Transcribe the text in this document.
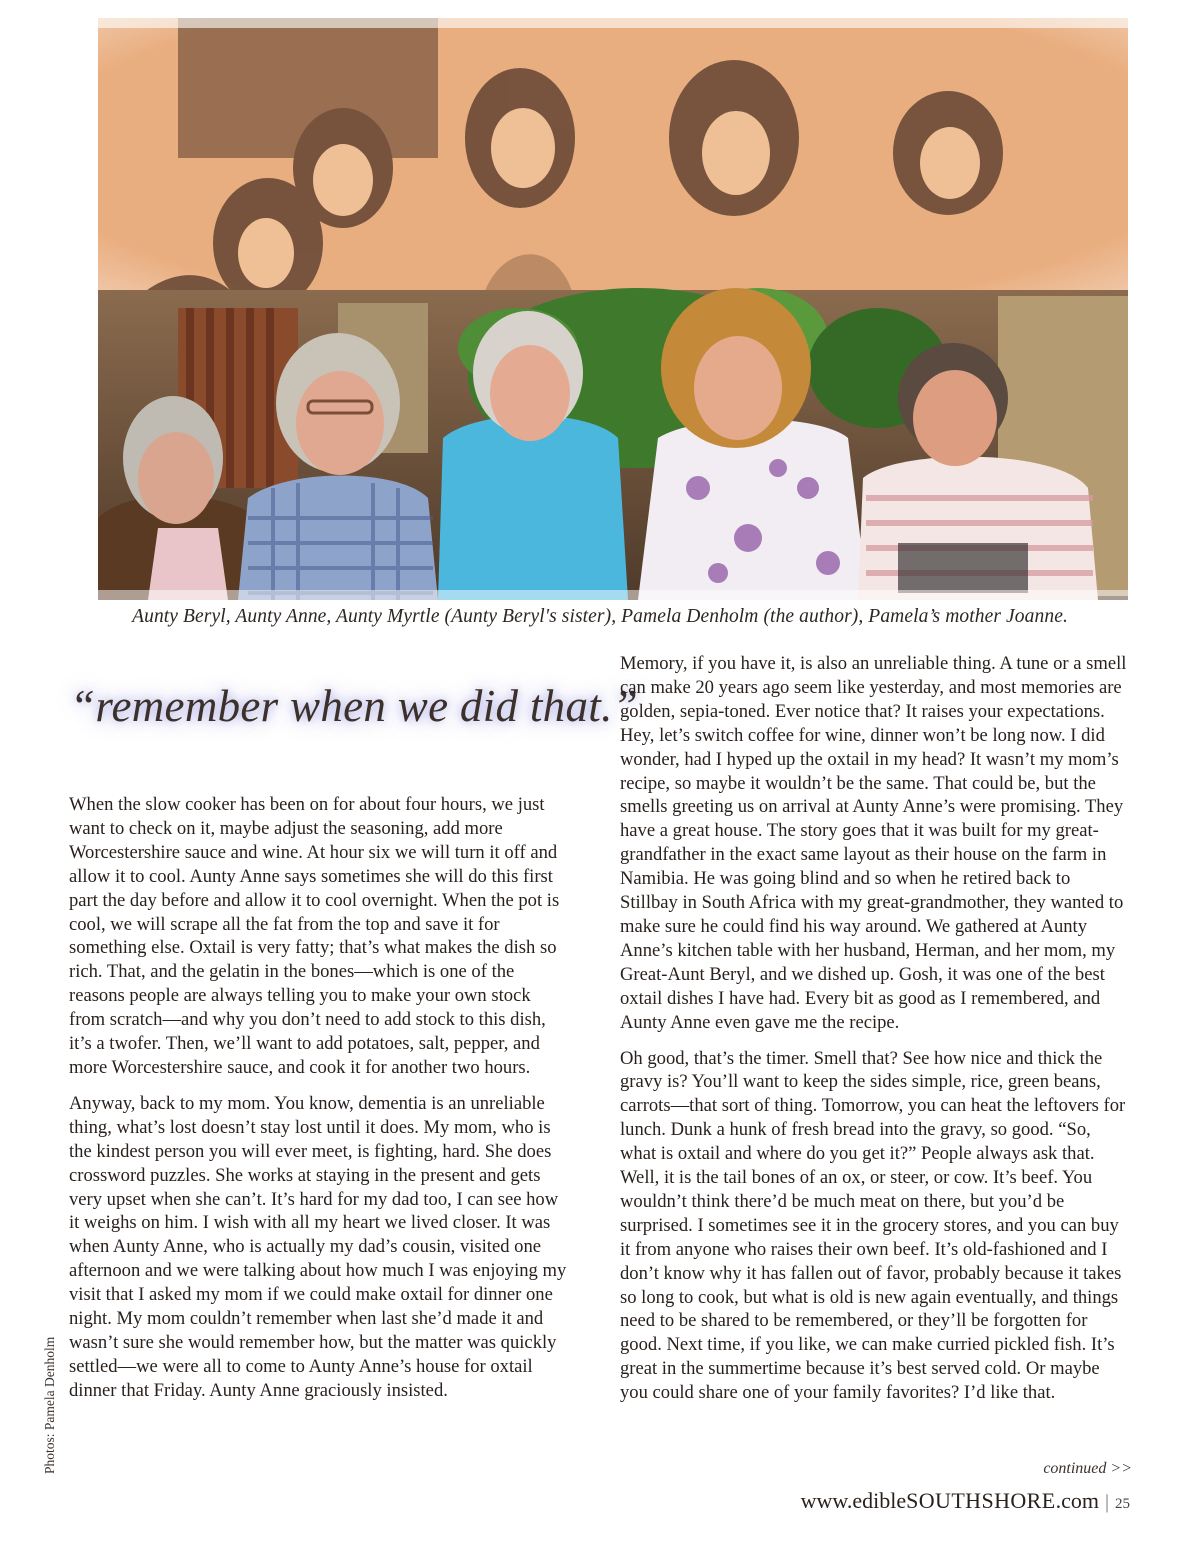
Aunty Beryl, Aunty Anne, Aunty Myrtle (Aunty Beryl's sister), Pamela Denholm (the author), Pamela’s mother Joanne.
“remember when we did that.”

When the slow cooker has been on for about four hours, we just want to check on it, maybe adjust the seasoning, add more Worcestershire sauce and wine. At hour six we will turn it off and allow it to cool. Aunty Anne says sometimes she will do this first part the day before and allow it to cool overnight. When the pot is cool, we will scrape all the fat from the top and save it for something else. Oxtail is very fatty; that’s what makes the dish so rich. That, and the gelatin in the bones—which is one of the reasons people are always telling you to make your own stock from scratch—and why you don’t need to add stock to this dish, it’s a twofer. Then, we’ll want to add potatoes, salt, pepper, and more Worcestershire sauce, and cook it for another two hours.

Anyway, back to my mom. You know, dementia is an unreliable thing, what’s lost doesn’t stay lost until it does. My mom, who is the kindest person you will ever meet, is fighting, hard. She does crossword puzzles. She works at staying in the present and gets very upset when she can’t. It’s hard for my dad too, I can see how it weighs on him. I wish with all my heart we lived closer. It was when Aunty Anne, who is actually my dad’s cousin, visited one afternoon and we were talking about how much I was enjoying my visit that I asked my mom if we could make oxtail for dinner one night. My mom couldn’t remember when last she’d made it and wasn’t sure she would remember how, but the matter was quickly settled—we were all to come to Aunty Anne’s house for oxtail dinner that Friday. Aunty Anne graciously insisted.

Memory, if you have it, is also an unreliable thing. A tune or a smell can make 20 years ago seem like yesterday, and most memories are golden, sepia-toned. Ever notice that? It raises your expectations. Hey, let’s switch coffee for wine, dinner won’t be long now. I did wonder, had I hyped up the oxtail in my head? It wasn’t my mom’s recipe, so maybe it wouldn’t be the same. That could be, but the smells greeting us on arrival at Aunty Anne’s were promising. They have a great house. The story goes that it was built for my great-grandfather in the exact same layout as their house on the farm in Namibia. He was going blind and so when he retired back to Stillbay in South Africa with my great-grandmother, they wanted to make sure he could find his way around. We gathered at Aunty Anne’s kitchen table with her husband, Herman, and her mom, my Great-Aunt Beryl, and we dished up. Gosh, it was one of the best oxtail dishes I have had. Every bit as good as I remembered, and Aunty Anne even gave me the recipe.

Oh good, that’s the timer. Smell that? See how nice and thick the gravy is? You’ll want to keep the sides simple, rice, green beans, carrots—that sort of thing. Tomorrow, you can heat the leftovers for lunch. Dunk a hunk of fresh bread into the gravy, so good. “So, what is oxtail and where do you get it?” People always ask that. Well, it is the tail bones of an ox, or steer, or cow. It’s beef. You wouldn’t think there’d be much meat on there, but you’d be surprised. I sometimes see it in the grocery stores, and you can buy it from anyone who raises their own beef. It’s old-fashioned and I don’t know why it has fallen out of favor, probably because it takes so long to cook, but what is old is new again eventually, and things need to be shared to be remembered, or they’ll be forgotten for good. Next time, if you like, we can make curried pickled fish. It’s great in the summertime because it’s best served cold. Or maybe you could share one of your family favorites? I’d like that.

Photos: Pamela Denholm	continued >>
www.edibleSOUTHSHORE.com | 25
